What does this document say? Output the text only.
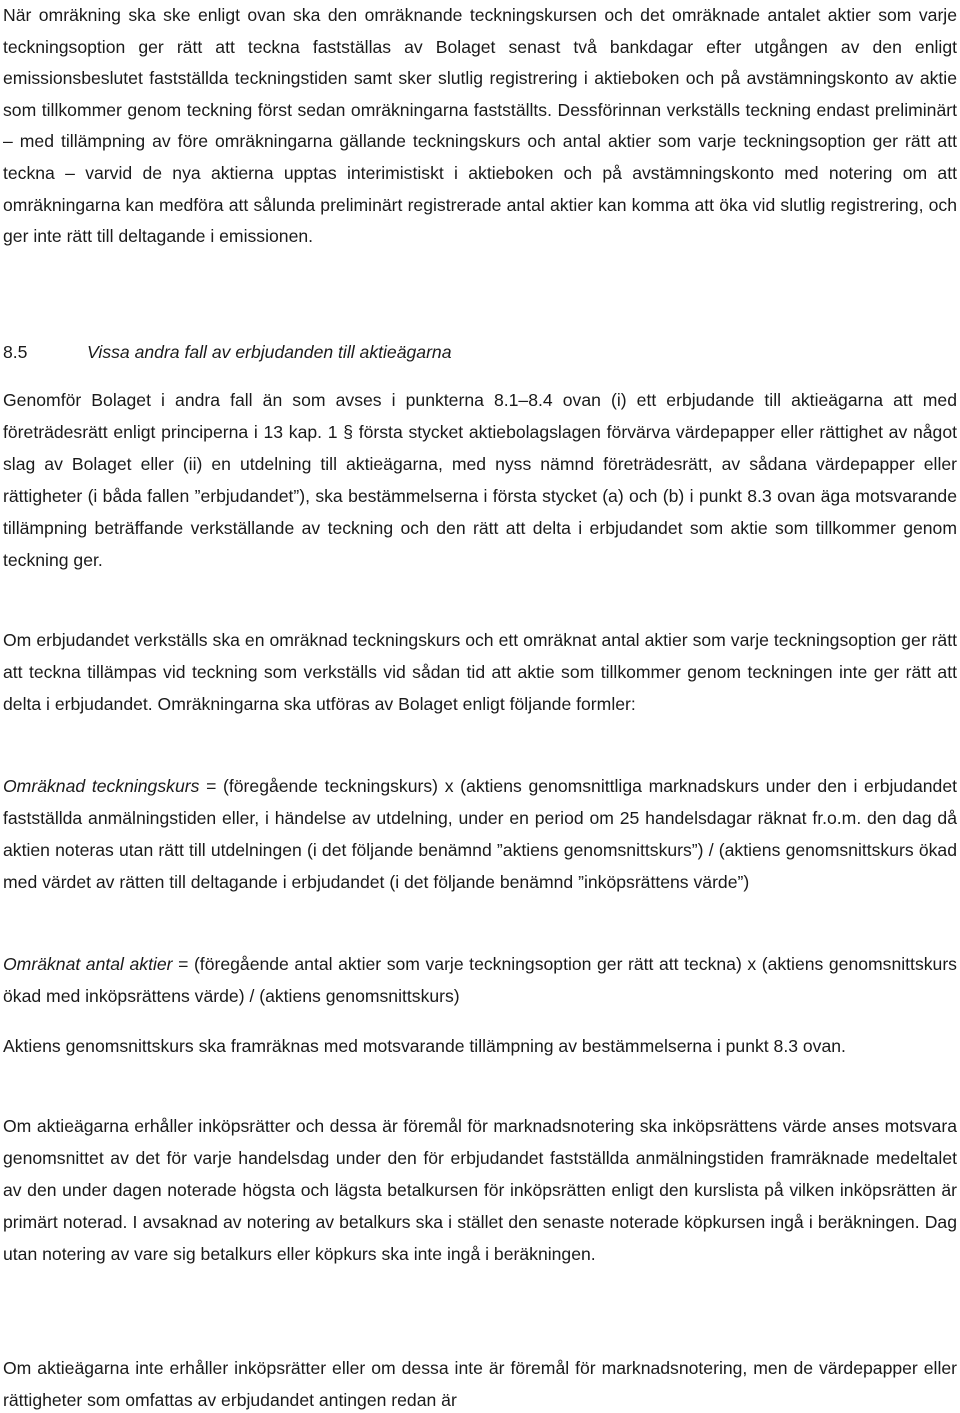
När omräkning ska ske enligt ovan ska den omräknande teckningskursen och det omräknade antalet aktier som varje teckningsoption ger rätt att teckna fastställas av Bolaget senast två bankdagar efter utgången av den enligt emissionsbeslutet fastställda teckningstiden samt sker slutlig registrering i aktieboken och på avstämningskonto av aktie som tillkommer genom teckning först sedan omräkningarna fastställts. Dessförinnan verkställs teckning endast preliminärt – med tillämpning av före omräkningarna gällande teckningskurs och antal aktier som varje teckningsoption ger rätt att teckna – varvid de nya aktierna upptas interimistiskt i aktieboken och på avstämningskonto med notering om att omräkningarna kan medföra att sålunda preliminärt registrerade antal aktier kan komma att öka vid slutlig registrering, och ger inte rätt till deltagande i emissionen.

8.5	Vissa andra fall av erbjudanden till aktieägarna

Genomför Bolaget i andra fall än som avses i punkterna 8.1–8.4 ovan (i) ett erbjudande till aktieägarna att med företrädesrätt enligt principerna i 13 kap. 1 § första stycket aktiebolagslagen förvärva värdepapper eller rättighet av något slag av Bolaget eller (ii) en utdelning till aktieägarna, med nyss nämnd företrädesrätt, av sådana värdepapper eller rättigheter (i båda fallen ”erbjudandet”), ska bestämmelserna i första stycket (a) och (b) i punkt 8.3 ovan äga motsvarande tillämpning beträffande verkställande av teckning och den rätt att delta i erbjudandet som aktie som tillkommer genom teckning ger.

Om erbjudandet verkställs ska en omräknad teckningskurs och ett omräknat antal aktier som varje teckningsoption ger rätt att teckna tillämpas vid teckning som verkställs vid sådan tid att aktie som tillkommer genom teckningen inte ger rätt att delta i erbjudandet. Omräkningarna ska utföras av Bolaget enligt följande formler:

Omräknad teckningskurs = (föregående teckningskurs) x (aktiens genomsnittliga marknadskurs under den i erbjudandet fastställda anmälningstiden eller, i händelse av utdelning, under en period om 25 handelsdagar räknat fr.o.m. den dag då aktien noteras utan rätt till utdelningen (i det följande benämnd ”aktiens genomsnittskurs”) / (aktiens genomsnittskurs ökad med värdet av rätten till deltagande i erbjudandet (i det följande benämnd ”inköpsrättens värde”)

Omräknat antal aktier = (föregående antal aktier som varje teckningsoption ger rätt att teckna) x (aktiens genomsnittskurs ökad med inköpsrättens värde) / (aktiens genomsnittskurs)

Aktiens genomsnittskurs ska framräknas med motsvarande tillämpning av bestämmelserna i punkt 8.3 ovan.

Om aktieägarna erhåller inköpsrätter och dessa är föremål för marknadsnotering ska inköpsrättens värde anses motsvara genomsnittet av det för varje handelsdag under den för erbjudandet fastställda anmälningstiden framräknade medeltalet av den under dagen noterade högsta och lägsta betalkursen för inköpsrätten enligt den kurslista på vilken inköpsrätten är primärt noterad. I avsaknad av notering av betalkurs ska i stället den senaste noterade köpkursen ingå i beräkningen. Dag utan notering av vare sig betalkurs eller köpkurs ska inte ingå i beräkningen.

Om aktieägarna inte erhåller inköpsrätter eller om dessa inte är föremål för marknadsnotering, men de värdepapper eller rättigheter som omfattas av erbjudandet antingen redan är
